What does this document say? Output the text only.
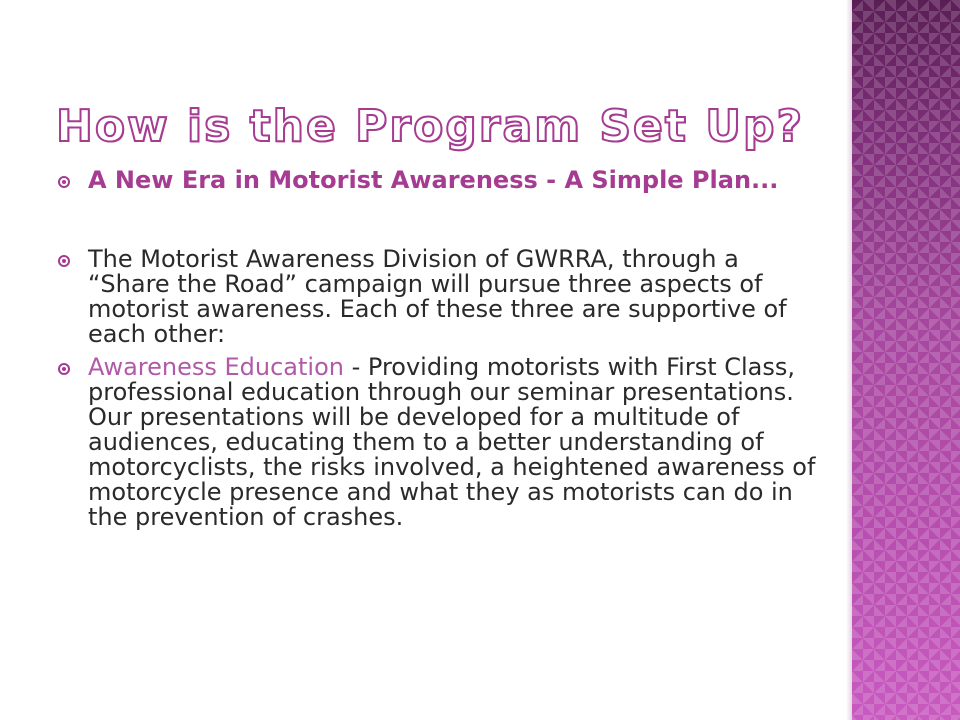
How is the Program Set Up?
A New Era in Motorist Awareness - A Simple Plan...
The Motorist Awareness Division of GWRRA, through a “Share the Road” campaign will pursue three aspects of motorist awareness. Each of these three are supportive of each other:
Awareness Education - Providing motorists with First Class, professional education through our seminar presentations. Our presentations will be developed for a multitude of audiences, educating them to a better understanding of motorcyclists, the risks involved, a heightened awareness of motorcycle presence and what they as motorists can do in the prevention of crashes.
